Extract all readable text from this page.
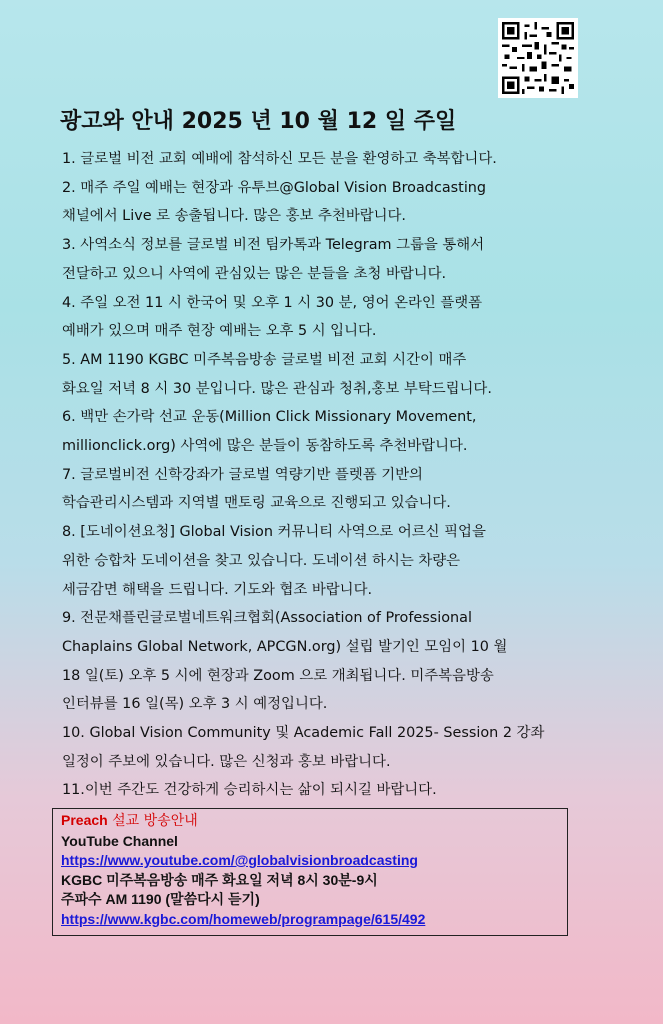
광고와 안내 2025 년 10 월 12 일 주일

1. 글로벌 비전 교회 예배에 참석하신 모든 분을 환영하고 축복합니다.

2. 매주 주일 예배는 현장과 유투브@Global Vision Broadcasting
채널에서 Live 로 송출됩니다. 많은 홍보 추천바랍니다.

3. 사역소식 정보를 글로벌 비전 팀카톡과 Telegram 그룹을 통해서
전달하고 있으니 사역에 관심있는 많은 분들을 초청 바랍니다.

4. 주일 오전 11 시 한국어 및 오후 1 시 30 분, 영어 온라인 플랫폼
예배가 있으며 매주 현장 예배는 오후 5 시 입니다.

5. AM 1190 KGBC 미주복음방송 글로벌 비전 교회 시간이 매주
화요일 저녁 8 시 30 분입니다. 많은 관심과 청취,홍보 부탁드립니다.

6. 백만 손가락 선교 운동(Million Click Missionary Movement,
millionclick.org) 사역에 많은 분들이 동참하도록 추천바랍니다.

7. 글로벌비전 신학강좌가 글로벌 역량기반 플렛폼 기반의
학습관리시스템과 지역별 맨토링 교육으로 진행되고 있습니다.

8. [도네이션요청] Global Vision 커뮤니티 사역으로 어르신 픽업을
위한 승합차 도네이션을 찾고 있습니다. 도네이션 하시는 차량은
세금감면 해택을 드립니다. 기도와 협조 바랍니다.

9. 전문채플린글로벌네트워크협회(Association of Professional
Chaplains Global Network, APCGN.org) 설립 발기인 모임이 10 월
18 일(토) 오후 5 시에 현장과 Zoom 으로 개최됩니다. 미주복음방송
인터뷰를 16 일(목) 오후 3 시 예정입니다.

10. Global Vision Community 및 Academic Fall 2025- Session 2 강좌
일정이 주보에 있습니다. 많은 신청과 홍보 바랍니다.

11.이번 주간도 건강하게 승리하시는 삶이 되시길 바랍니다.

Preach 설교 방송안내
YouTube Channel
https://www.youtube.com/@globalvisionbroadcasting
KGBC 미주복음방송 매주 화요일 저녁 8시 30분-9시
주파수 AM 1190 (말씀다시 듣기)
https://www.kgbc.com/homeweb/programpage/615/492
